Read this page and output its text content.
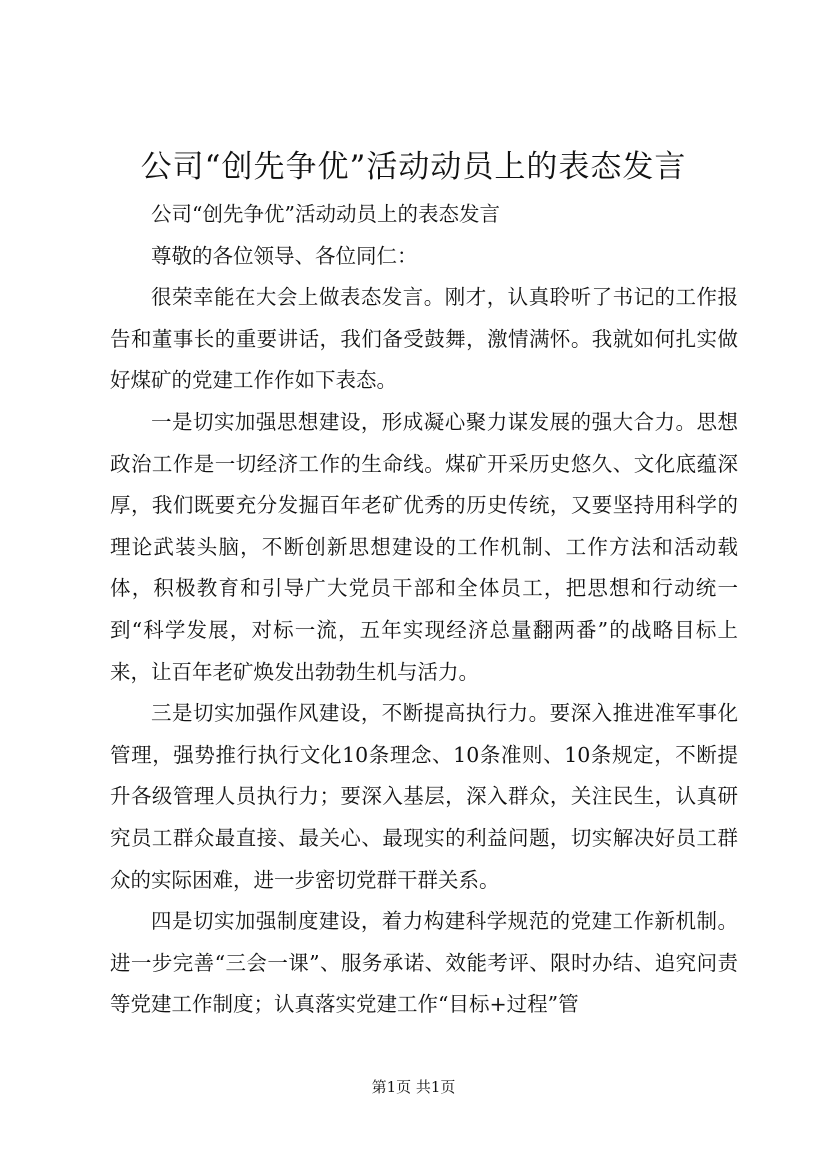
公司“创先争优”活动动员上的表态发言

公司“创先争优”活动动员上的表态发言

尊敬的各位领导、各位同仁：

很荣幸能在大会上做表态发言。刚才，认真聆听了书记的工作报告和董事长的重要讲话，我们备受鼓舞，激情满怀。我就如何扎实做好煤矿的党建工作作如下表态。

一是切实加强思想建设，形成凝心聚力谋发展的强大合力。思想政治工作是一切经济工作的生命线。煤矿开采历史悠久、文化底蕴深厚，我们既要充分发掘百年老矿优秀的历史传统，又要坚持用科学的理论武装头脑，不断创新思想建设的工作机制、工作方法和活动载体，积极教育和引导广大党员干部和全体员工，把思想和行动统一到“科学发展，对标一流，五年实现经济总量翻两番”的战略目标上来，让百年老矿焕发出勃勃生机与活力。

三是切实加强作风建设，不断提高执行力。要深入推进准军事化管理，强势推行执行文化10条理念、10条准则、10条规定，不断提升各级管理人员执行力；要深入基层，深入群众，关注民生，认真研究员工群众最直接、最关心、最现实的利益问题，切实解决好员工群众的实际困难，进一步密切党群干群关系。

四是切实加强制度建设，着力构建科学规范的党建工作新机制。进一步完善“三会一课”、服务承诺、效能考评、限时办结、追究问责等党建工作制度；认真落实党建工作“目标+过程”管

第1页 共1页
